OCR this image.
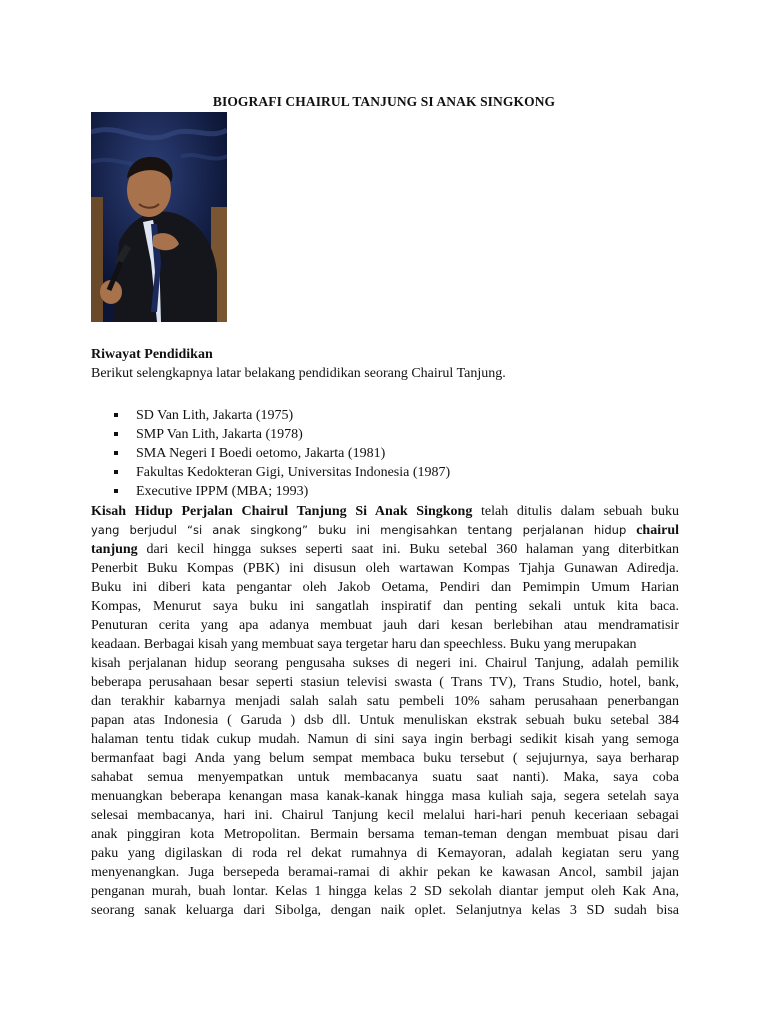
BIOGRAFI CHAIRUL TANJUNG SI ANAK SINGKONG
Riwayat Pendidikan
Berikut selengkapnya latar belakang pendidikan seorang Chairul Tanjung.
SD Van Lith, Jakarta (1975)
SMP Van Lith, Jakarta (1978)
SMA Negeri I Boedi oetomo, Jakarta (1981)
Fakultas Kedokteran Gigi, Universitas Indonesia (1987)
Executive IPPM (MBA; 1993)
Kisah Hidup Perjalan Chairul Tanjung Si Anak Singkong telah ditulis dalam sebuah buku
yang berjudul “si anak singkong” buku ini mengisahkan tentang perjalanan hidup chairul
tanjung dari kecil hingga sukses seperti saat ini. Buku setebal 360 halaman yang diterbitkan
Penerbit Buku Kompas (PBK) ini disusun oleh wartawan Kompas Tjahja Gunawan Adiredja.
Buku ini diberi kata pengantar oleh Jakob Oetama, Pendiri dan Pemimpin Umum Harian
Kompas, Menurut saya buku ini sangatlah inspiratif dan penting sekali untuk kita baca.
Penuturan cerita yang apa adanya membuat jauh dari kesan berlebihan atau mendramatisir
keadaan. Berbagai kisah yang membuat saya tergetar haru dan speechless. Buku yang merupakan
kisah perjalanan hidup seorang pengusaha sukses di negeri ini. Chairul Tanjung, adalah pemilik
beberapa perusahaan besar seperti stasiun televisi swasta ( Trans TV), Trans Studio, hotel, bank,
dan terakhir kabarnya menjadi salah salah satu pembeli 10% saham perusahaan penerbangan
papan atas Indonesia ( Garuda ) dsb dll. Untuk menuliskan ekstrak sebuah buku setebal 384
halaman tentu tidak cukup mudah. Namun di sini saya ingin berbagi sedikit kisah yang semoga
bermanfaat bagi Anda yang belum sempat membaca buku tersebut ( sejujurnya, saya berharap
sahabat semua menyempatkan untuk membacanya suatu saat nanti). Maka, saya coba
menuangkan beberapa kenangan masa kanak-kanak hingga masa kuliah saja, segera setelah saya
selesai membacanya, hari ini. Chairul Tanjung kecil melalui hari-hari penuh keceriaan sebagai
anak pinggiran kota Metropolitan. Bermain bersama teman-teman dengan membuat pisau dari
paku yang digilaskan di roda rel dekat rumahnya di Kemayoran, adalah kegiatan seru yang
menyenangkan. Juga bersepeda beramai-ramai di akhir pekan ke kawasan Ancol, sambil jajan
penganan murah, buah lontar. Kelas 1 hingga kelas 2 SD sekolah diantar jemput oleh Kak Ana,
seorang sanak keluarga dari Sibolga, dengan naik oplet. Selanjutnya kelas 3 SD sudah bisa
